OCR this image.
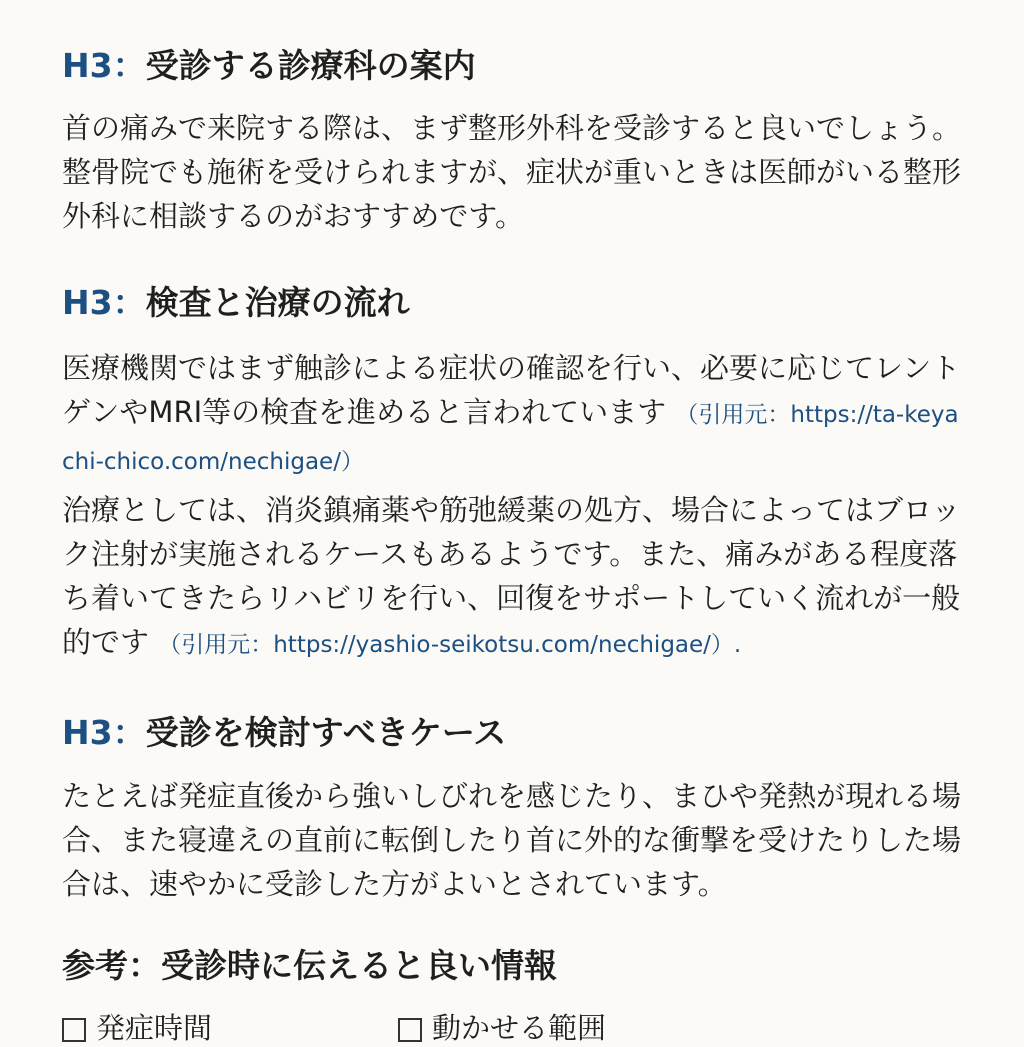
H3：受診する診療科の案内

首の痛みで来院する際は、まず整形外科を受診すると良いでしょう。整骨院でも施術を受けられますが、症状が重いときは医師がいる整形外科に相談するのがおすすめです。

H3：検査と治療の流れ

医療機関ではまず触診による症状の確認を行い、必要に応じてレントゲンやMRI等の検査を進めると言われています （引用元：https://ta-keyachi-chico.com/nechigae/）

治療としては、消炎鎮痛薬や筋弛緩薬の処方、場合によってはブロック注射が実施されるケースもあるようです。また、痛みがある程度落ち着いてきたらリハビリを行い、回復をサポートしていく流れが一般的です （引用元：https://yashio-seikotsu.com/nechigae/）.

H3：受診を検討すべきケース

たとえば発症直後から強いしびれを感じたり、まひや発熱が現れる場合、また寝違えの直前に転倒したり首に外的な衝撃を受けたりした場合は、速やかに受診した方がよいとされています。

参考：受診時に伝えると良い情報
発症時間	動かせる範囲
